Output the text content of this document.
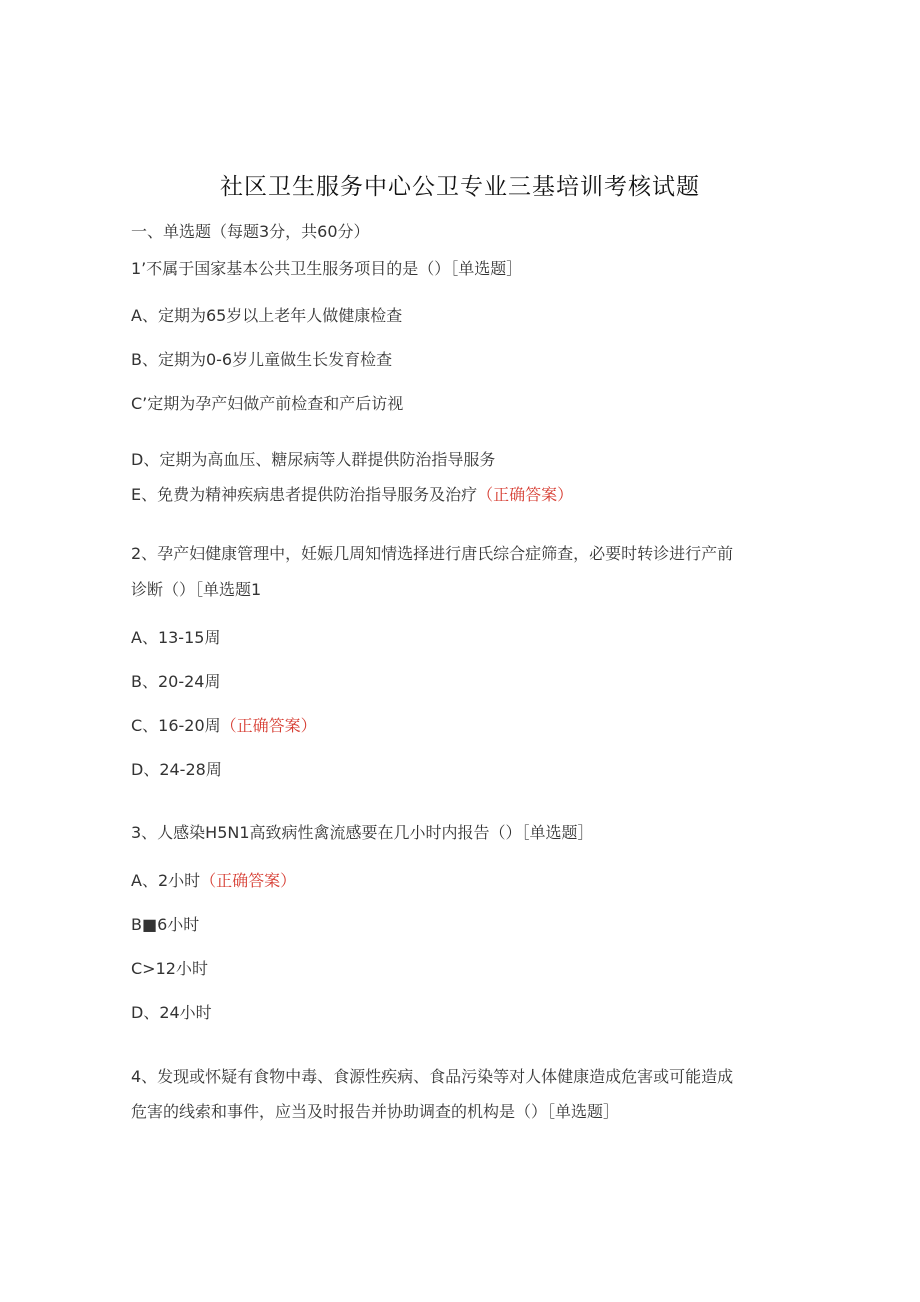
社区卫生服务中心公卫专业三基培训考核试题
一、单选题（每题3分，共60分）
1’不属于国家基本公共卫生服务项目的是（）［单选题］
A、定期为65岁以上老年人做健康检查
B、定期为0-6岁儿童做生长发育检查
C’定期为孕产妇做产前检查和产后访视
D、定期为高血压、糖尿病等人群提供防治指导服务
E、免费为精神疾病患者提供防治指导服务及治疗（正确答案）
2、孕产妇健康管理中，妊娠几周知情选择进行唐氏综合症筛查，必要时转诊进行产前
诊断（）［单选题1
A、13-15周
B、20-24周
C、16-20周（正确答案）
D、24-28周
3、人感染H5N1高致病性禽流感要在几小时内报告（）［单选题］
A、2小时（正确答案）
B■6小时
C>12小时
D、24小时
4、发现或怀疑有食物中毒、食源性疾病、食品污染等对人体健康造成危害或可能造成
危害的线索和事件，应当及时报告并协助调查的机构是（）［单选题］
